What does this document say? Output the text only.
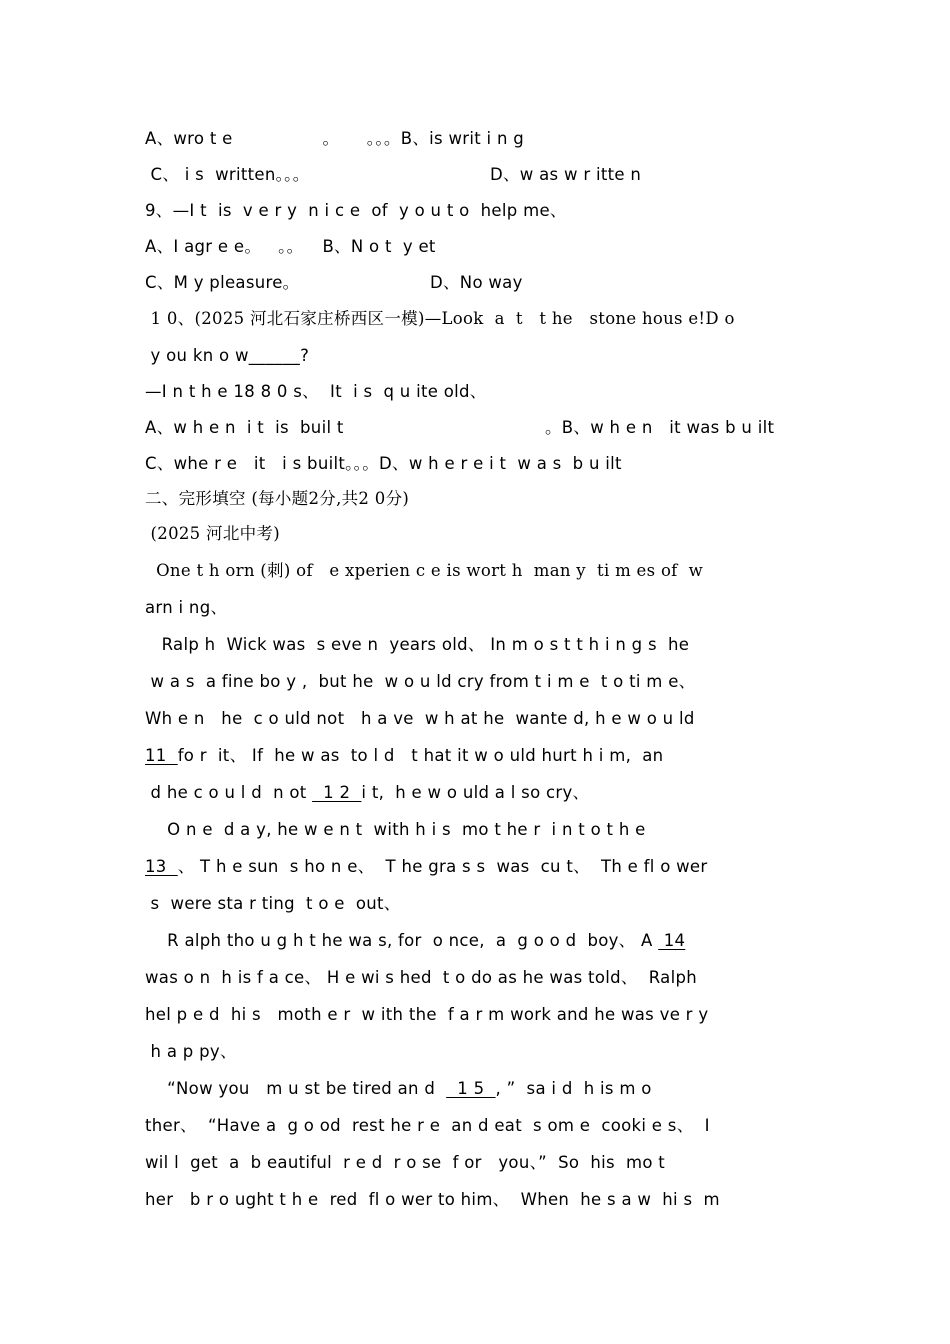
A、wro t e		。	。。。B、is writ i n g
C、 i s  written。。。	D、w as w r itte n
9、—I t  is  v e r y  n i c e  of  y o u t o  help me、
A、I agr e e。	。。	B、N o t  y et
C、M y pleasure。	D、No way
1 0、(2025 河北石家庄桥西区一模)—Look  a  t   t he   stone hous e!D o
y ou kn o w______?
—I n t h e 18 8 0 s、  It  i s  q u ite old、
A、w h e n  i t  is  buil t	。B、w h e n   it was b u ilt
C、whe r e   it   i s built。。。D、w h e r e i t  w a s  b u ilt
二、完形填空 (每小题2分,共2 0分)
(2025 河北中考)
One t h orn (刺) of   e xperien c e is wort h  man y  ti m es of  w
arn i ng、
Ralp h  Wick was  s eve n  years old、 In m o s t t h i n g s  he
w a s  a fine bo y ,  but he  w o u ld cry from t i m e  t o ti m e、
Wh e n   he  c o uld not   h a ve  w h at he  wante d, h e w o u ld
11  fo r  it、 If  he w as  to l d   t hat it w o uld hurt h i m,  an
d he c o u l d  n ot   1 2  i t,  h e w o uld a l so cry、
O n e  d a y, he w e n t  with h i s  mo t he r  i n t o t h e
13  、 T h e sun  s ho n e、  T he gra s s  was  cu t、  Th e fl o wer
s  were sta r ting  t o e  out、
R alph tho u g h t he wa s, for  o nce,  a  g o o d  boy、 A  14
was o n  h is f a ce、 H e wi s hed  t o do as he was told、  Ralph
hel p e d  hi s   moth e r  w ith the  f a r m work and he was ve r y
h a p py、
“Now you   m u st be tired an d    1 5  , ”  sa i d  h is m o
ther、  “Have a  g o od  rest he r e  an d eat  s om e  cooki e s、  I
wil l  get  a  b eautiful  r e d  r o se  f or   you、”  So  his  mo t
her   b r o ught t h e  red  fl o wer to him、  When  he s a w  hi s  m
